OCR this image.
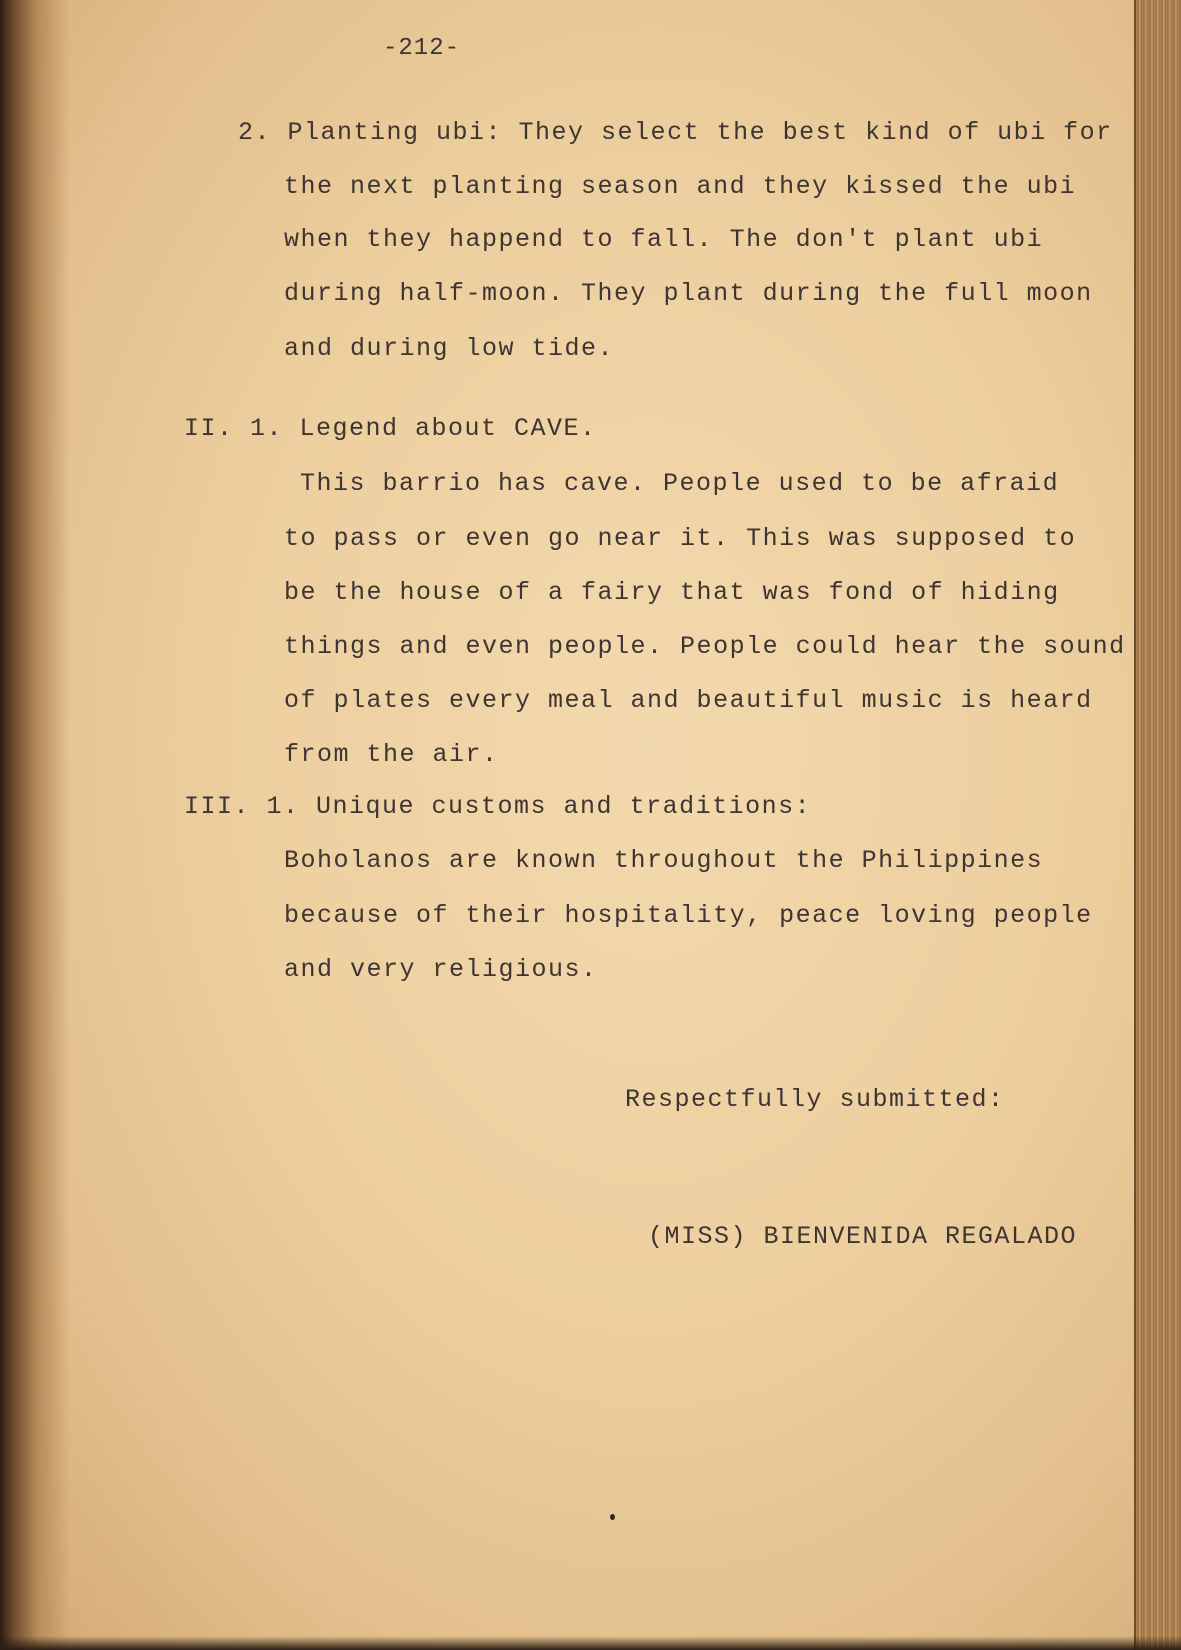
-212-
2. Planting ubi: They select the best kind of ubi for
the next planting season and they kissed the ubi
when they happend to fall. The don't plant ubi
during half-moon. They plant during the full moon
and during low tide.
II. 1. Legend about CAVE.
This barrio has cave. People used to be afraid
to pass or even go near it. This was supposed to
be the house of a fairy that was fond of hiding
things and even people. People could hear the sound
of plates every meal and beautiful music is heard
from the air.
III. 1. Unique customs and traditions:
Boholanos are known throughout the Philippines
because of their hospitality, peace loving people
and very religious.
Respectfully submitted:
(MISS) BIENVENIDA REGALADO
